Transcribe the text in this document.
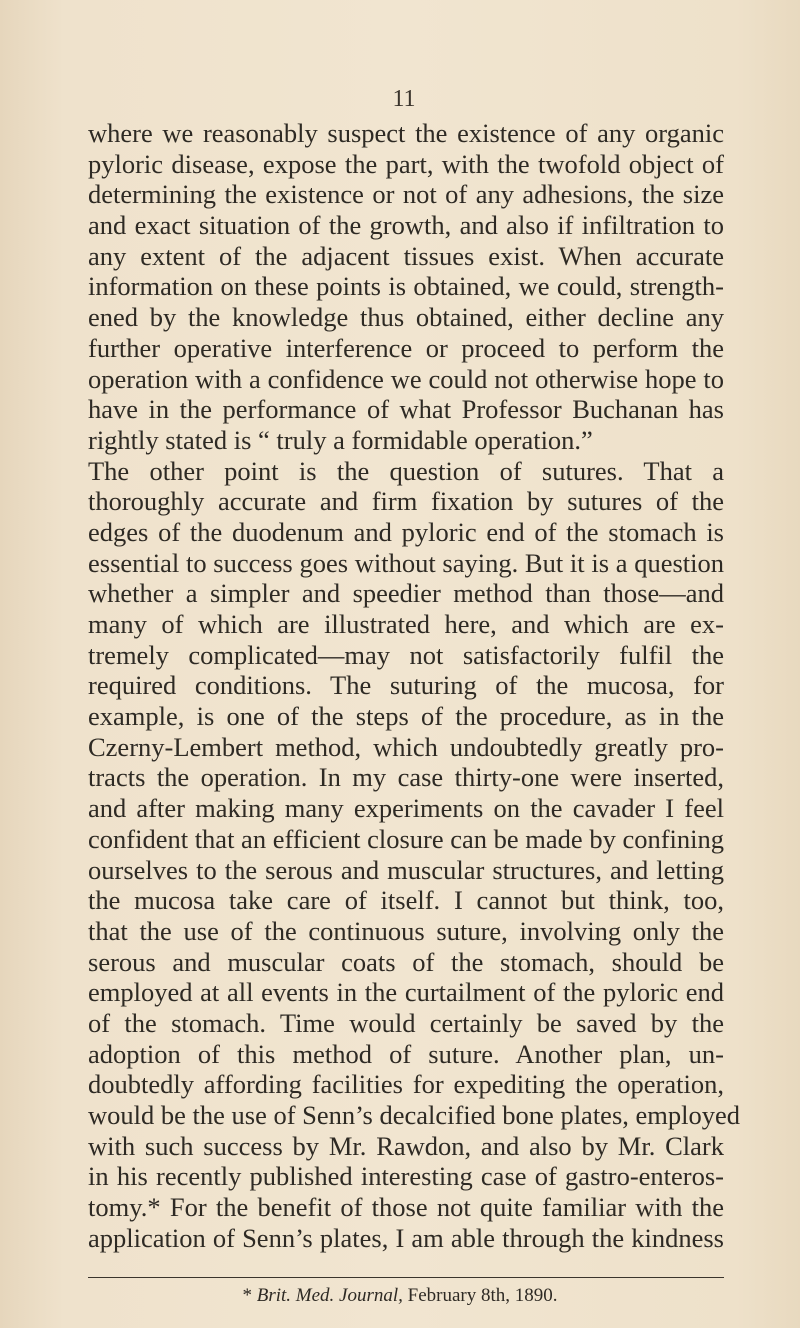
11
where we reasonably suspect the existence of any organic
pyloric disease, expose the part, with the twofold object of
determining the existence or not of any adhesions, the size
and exact situation of the growth, and also if infiltration to
any extent of the adjacent tissues exist. When accurate
information on these points is obtained, we could, strength-
ened by the knowledge thus obtained, either decline any
further operative interference or proceed to perform the
operation with a confidence we could not otherwise hope to
have in the performance of what Professor Buchanan has
rightly stated is “ truly a formidable operation.”
The other point is the question of sutures. That a
thoroughly accurate and firm fixation by sutures of the
edges of the duodenum and pyloric end of the stomach is
essential to success goes without saying. But it is a question
whether a simpler and speedier method than those—and
many of which are illustrated here, and which are ex-
tremely complicated—may not satisfactorily fulfil the
required conditions. The suturing of the mucosa, for
example, is one of the steps of the procedure, as in the
Czerny-Lembert method, which undoubtedly greatly pro-
tracts the operation. In my case thirty-one were inserted,
and after making many experiments on the cavader I feel
confident that an efficient closure can be made by confining
ourselves to the serous and muscular structures, and letting
the mucosa take care of itself. I cannot but think, too,
that the use of the continuous suture, involving only the
serous and muscular coats of the stomach, should be
employed at all events in the curtailment of the pyloric end
of the stomach. Time would certainly be saved by the
adoption of this method of suture. Another plan, un-
doubtedly affording facilities for expediting the operation,
would be the use of Senn’s decalcified bone plates, employed
with such success by Mr. Rawdon, and also by Mr. Clark
in his recently published interesting case of gastro-enteros-
tomy.* For the benefit of those not quite familiar with the
application of Senn’s plates, I am able through the kindness
* Brit. Med. Journal, February 8th, 1890.
